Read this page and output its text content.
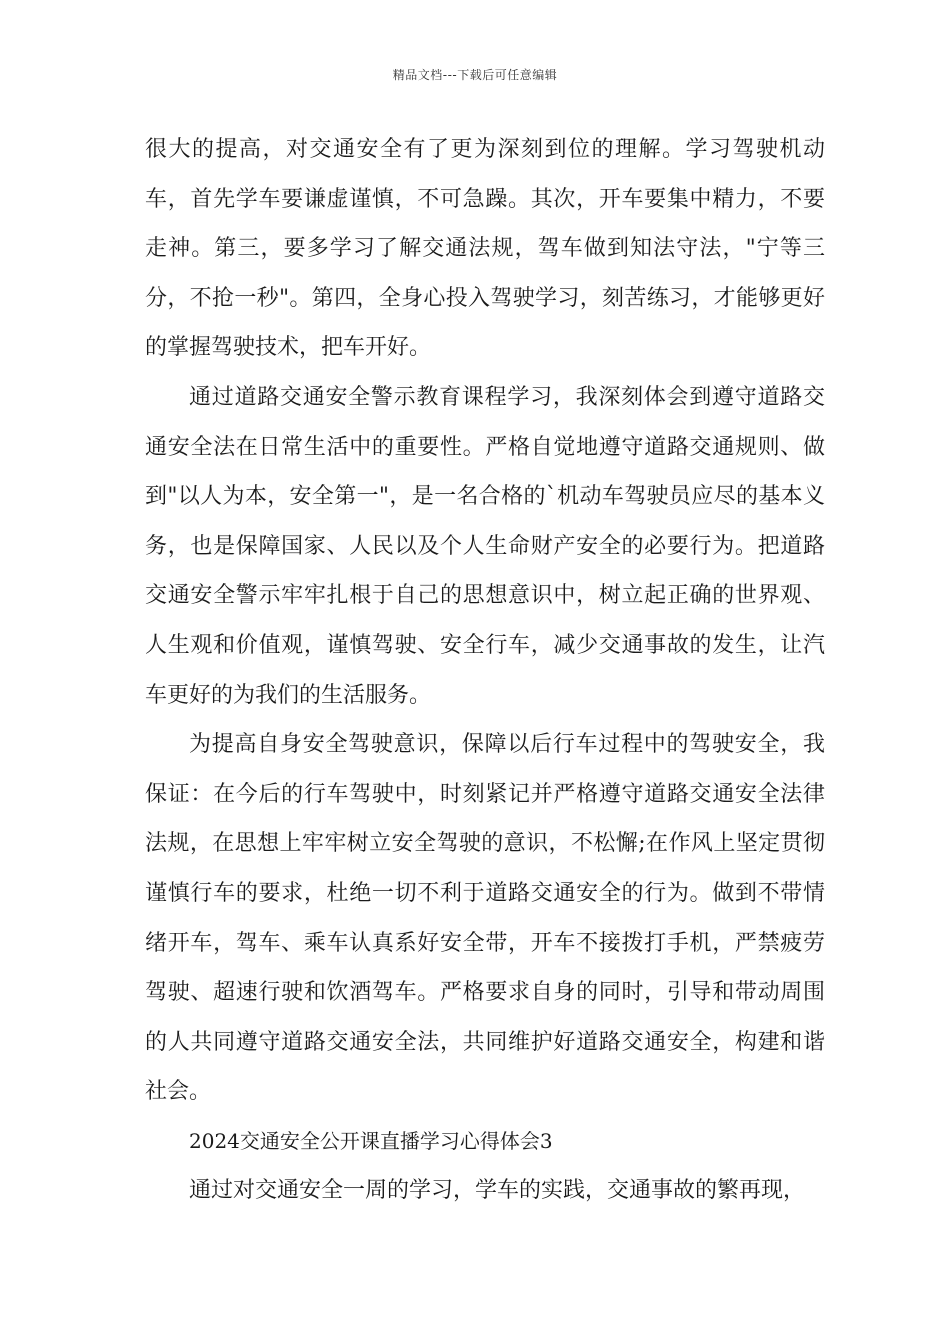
精品文档---下载后可任意编辑

很大的提高，对交通安全有了更为深刻到位的理解。学习驾驶机动车，首先学车要谦虚谨慎，不可急躁。其次，开车要集中精力，不要走神。第三，要多学习了解交通法规，驾车做到知法守法，"宁等三分，不抢一秒"。第四，全身心投入驾驶学习，刻苦练习，才能够更好的掌握驾驶技术，把车开好。

通过道路交通安全警示教育课程学习，我深刻体会到遵守道路交通安全法在日常生活中的重要性。严格自觉地遵守道路交通规则、做到"以人为本，安全第一"，是一名合格的`机动车驾驶员应尽的基本义务，也是保障国家、人民以及个人生命财产安全的必要行为。把道路交通安全警示牢牢扎根于自己的思想意识中，树立起正确的世界观、人生观和价值观，谨慎驾驶、安全行车，减少交通事故的发生，让汽车更好的为我们的生活服务。

为提高自身安全驾驶意识，保障以后行车过程中的驾驶安全，我保证：在今后的行车驾驶中，时刻紧记并严格遵守道路交通安全法律法规，在思想上牢牢树立安全驾驶的意识，不松懈;在作风上坚定贯彻谨慎行车的要求，杜绝一切不利于道路交通安全的行为。做到不带情绪开车，驾车、乘车认真系好安全带，开车不接拨打手机，严禁疲劳驾驶、超速行驶和饮酒驾车。严格要求自身的同时，引导和带动周围的人共同遵守道路交通安全法，共同维护好道路交通安全，构建和谐社会。

2024交通安全公开课直播学习心得体会3

通过对交通安全一周的学习，学车的实践，交通事故的繁再现，
